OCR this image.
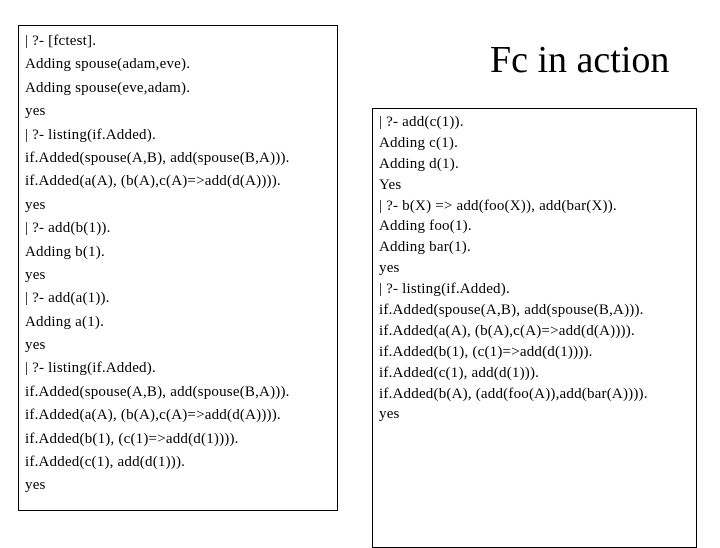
Fc in action
| ?- [fctest].
Adding spouse(adam,eve).
Adding spouse(eve,adam).
yes
| ?- listing(if.Added).
if.Added(spouse(A,B), add(spouse(B,A))).
if.Added(a(A), (b(A),c(A)=>add(d(A)))).
yes
| ?- add(b(1)).
Adding b(1).
yes
| ?- add(a(1)).
Adding a(1).
yes
| ?- listing(if.Added).
if.Added(spouse(A,B), add(spouse(B,A))).
if.Added(a(A), (b(A),c(A)=>add(d(A)))).
if.Added(b(1), (c(1)=>add(d(1)))).
if.Added(c(1), add(d(1))).
yes
| ?- add(c(1)).
Adding c(1).
Adding d(1).
Yes
| ?- b(X) => add(foo(X)), add(bar(X)).
Adding foo(1).
Adding bar(1).
yes
| ?- listing(if.Added).
if.Added(spouse(A,B), add(spouse(B,A))).
if.Added(a(A), (b(A),c(A)=>add(d(A)))).
if.Added(b(1), (c(1)=>add(d(1)))).
if.Added(c(1), add(d(1))).
if.Added(b(A), (add(foo(A)),add(bar(A)))).
yes
